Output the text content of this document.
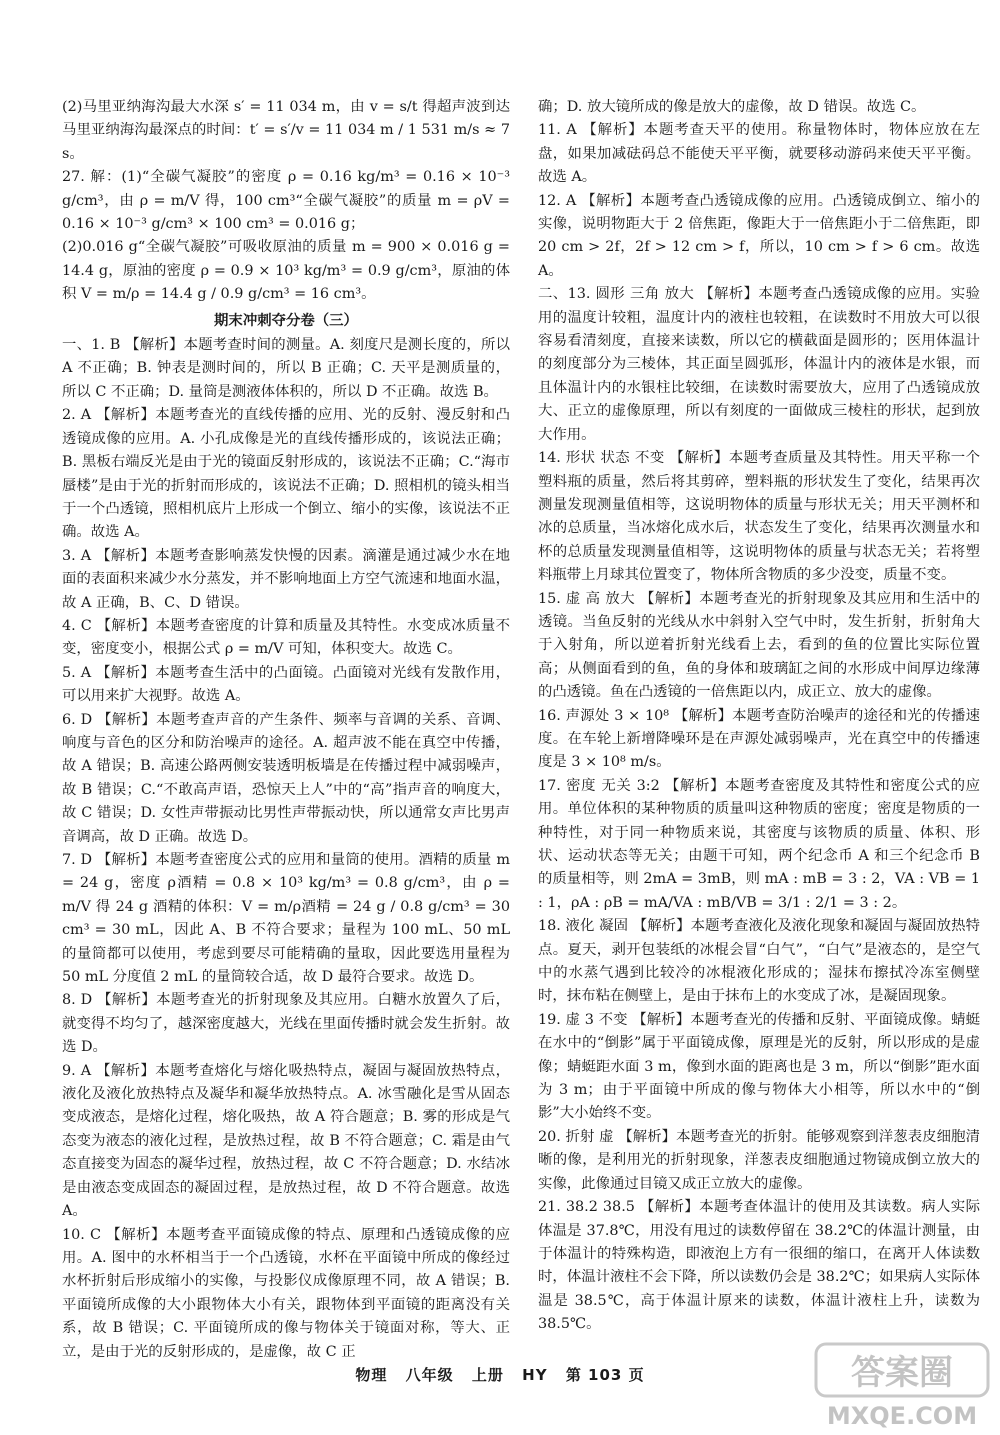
(2)马里亚纳海沟最大水深 s′ = 11 034 m，由 v = s/t 得超声波到达马里亚纳海沟最深点的时间：t′ = s′/v = 11 034 m / 1 531 m/s ≈ 7 s。

27. 解：(1)“全碳气凝胶”的密度 ρ = 0.16 kg/m³ = 0.16 × 10⁻³ g/cm³，由 ρ = m/V 得，100 cm³“全碳气凝胶”的质量 m = ρV = 0.16 × 10⁻³ g/cm³ × 100 cm³ = 0.016 g；

(2)0.016 g“全碳气凝胶”可吸收原油的质量 m = 900 × 0.016 g = 14.4 g，原油的密度 ρ = 0.9 × 10³ kg/m³ = 0.9 g/cm³，原油的体积 V = m/ρ = 14.4 g / 0.9 g/cm³ = 16 cm³。

期末冲刺夺分卷（三）

一、1. B 【解析】本题考查时间的测量。A. 刻度尺是测长度的，所以 A 不正确；B. 钟表是测时间的，所以 B 正确；C. 天平是测质量的，所以 C 不正确；D. 量筒是测液体体积的，所以 D 不正确。故选 B。

2. A 【解析】本题考查光的直线传播的应用、光的反射、漫反射和凸透镜成像的应用。A. 小孔成像是光的直线传播形成的，该说法正确；B. 黑板右端反光是由于光的镜面反射形成的，该说法不正确；C.“海市蜃楼”是由于光的折射而形成的，该说法不正确；D. 照相机的镜头相当于一个凸透镜，照相机底片上形成一个倒立、缩小的实像，该说法不正确。故选 A。

3. A 【解析】本题考查影响蒸发快慢的因素。滴灌是通过减少水在地面的表面积来减少水分蒸发，并不影响地面上方空气流速和地面水温，故 A 正确，B、C、D 错误。

4. C 【解析】本题考查密度的计算和质量及其特性。水变成冰质量不变，密度变小，根据公式 ρ = m/V 可知，体积变大。故选 C。

5. A 【解析】本题考查生活中的凸面镜。凸面镜对光线有发散作用，可以用来扩大视野。故选 A。

6. D 【解析】本题考查声音的产生条件、频率与音调的关系、音调、响度与音色的区分和防治噪声的途径。A. 超声波不能在真空中传播，故 A 错误；B. 高速公路两侧安装透明板墙是在传播过程中减弱噪声，故 B 错误；C.“不敢高声语，恐惊天上人”中的“高”指声音的响度大，故 C 错误；D. 女性声带振动比男性声带振动快，所以通常女声比男声音调高，故 D 正确。故选 D。

7. D 【解析】本题考查密度公式的应用和量筒的使用。酒精的质量 m = 24 g，密度 ρ酒精 = 0.8 × 10³ kg/m³ = 0.8 g/cm³，由 ρ = m/V 得 24 g 酒精的体积：V = m/ρ酒精 = 24 g / 0.8 g/cm³ = 30 cm³ = 30 mL，因此 A、B 不符合要求；量程为 100 mL、50 mL 的量筒都可以使用，考虑到要尽可能精确的量取，因此要选用量程为 50 mL 分度值 2 mL 的量筒较合适，故 D 最符合要求。故选 D。

8. D 【解析】本题考查光的折射现象及其应用。白糖水放置久了后，就变得不均匀了，越深密度越大，光线在里面传播时就会发生折射。故选 D。

9. A 【解析】本题考查熔化与熔化吸热特点，凝固与凝固放热特点，液化及液化放热特点及凝华和凝华放热特点。A. 冰雪融化是雪从固态变成液态，是熔化过程，熔化吸热，故 A 符合题意；B. 雾的形成是气态变为液态的液化过程，是放热过程，故 B 不符合题意；C. 霜是由气态直接变为固态的凝华过程，放热过程，故 C 不符合题意；D. 水结冰是由液态变成固态的凝固过程，是放热过程，故 D 不符合题意。故选 A。

10. C 【解析】本题考查平面镜成像的特点、原理和凸透镜成像的应用。A. 图中的水杯相当于一个凸透镜，水杯在平面镜中所成的像经过水杯折射后形成缩小的实像，与投影仪成像原理不同，故 A 错误；B. 平面镜所成像的大小跟物体大小有关，跟物体到平面镜的距离没有关系，故 B 错误；C. 平面镜所成的像与物体关于镜面对称，等大、正立，是由于光的反射形成的，是虚像，故 C 正

确；D. 放大镜所成的像是放大的虚像，故 D 错误。故选 C。

11. A 【解析】本题考查天平的使用。称量物体时，物体应放在左盘，如果加减砝码总不能使天平平衡，就要移动游码来使天平平衡。故选 A。

12. A 【解析】本题考查凸透镜成像的应用。凸透镜成倒立、缩小的实像，说明物距大于 2 倍焦距，像距大于一倍焦距小于二倍焦距，即 20 cm > 2f，2f > 12 cm > f，所以，10 cm > f > 6 cm。故选 A。

二、13. 圆形 三角 放大 【解析】本题考查凸透镜成像的应用。实验用的温度计较粗，温度计内的液柱也较粗，在读数时不用放大可以很容易看清刻度，直接来读数，所以它的横截面是圆形的；医用体温计的刻度部分为三棱体，其正面呈圆弧形，体温计内的液体是水银，而且体温计内的水银柱比较细，在读数时需要放大，应用了凸透镜成放大、正立的虚像原理，所以有刻度的一面做成三棱柱的形状，起到放大作用。

14. 形状 状态 不变 【解析】本题考查质量及其特性。用天平称一个塑料瓶的质量，然后将其剪碎，塑料瓶的形状发生了变化，结果再次测量发现测量值相等，这说明物体的质量与形状无关；用天平测杯和冰的总质量，当冰熔化成水后，状态发生了变化，结果再次测量水和杯的总质量发现测量值相等，这说明物体的质量与状态无关；若将塑料瓶带上月球其位置变了，物体所含物质的多少没变，质量不变。

15. 虚 高 放大 【解析】本题考查光的折射现象及其应用和生活中的透镜。当鱼反射的光线从水中斜射入空气中时，发生折射，折射角大于入射角，所以逆着折射光线看上去，看到的鱼的位置比实际位置高；从侧面看到的鱼，鱼的身体和玻璃缸之间的水形成中间厚边缘薄的凸透镜。鱼在凸透镜的一倍焦距以内，成正立、放大的虚像。

16. 声源处 3 × 10⁸ 【解析】本题考查防治噪声的途径和光的传播速度。在车轮上新增降噪环是在声源处减弱噪声，光在真空中的传播速度是 3 × 10⁸ m/s。

17. 密度 无关 3:2 【解析】本题考查密度及其特性和密度公式的应用。单位体积的某种物质的质量叫这种物质的密度；密度是物质的一种特性，对于同一种物质来说，其密度与该物质的质量、体积、形状、运动状态等无关；由题干可知，两个纪念币 A 和三个纪念币 B 的质量相等，则 2mA = 3mB，则 mA : mB = 3 : 2，VA : VB = 1 : 1，ρA : ρB = mA/VA : mB/VB = 3/1 : 2/1 = 3 : 2。

18. 液化 凝固 【解析】本题考查液化及液化现象和凝固与凝固放热特点。夏天，剥开包装纸的冰棍会冒“白气”，“白气”是液态的，是空气中的水蒸气遇到比较冷的冰棍液化形成的；湿抹布擦拭冷冻室侧壁时，抹布粘在侧壁上，是由于抹布上的水变成了冰，是凝固现象。

19. 虚 3 不变 【解析】本题考查光的传播和反射、平面镜成像。蜻蜓在水中的“倒影”属于平面镜成像，原理是光的反射，所以形成的是虚像；蜻蜓距水面 3 m，像到水面的距离也是 3 m，所以“倒影”距水面为 3 m；由于平面镜中所成的像与物体大小相等，所以水中的“倒影”大小始终不变。

20. 折射 虚 【解析】本题考查光的折射。能够观察到洋葱表皮细胞清晰的像，是利用光的折射现象，洋葱表皮细胞通过物镜成倒立放大的实像，此像通过目镜又成正立放大的虚像。

21. 38.2 38.5 【解析】本题考查体温计的使用及其读数。病人实际体温是 37.8℃，用没有甩过的读数停留在 38.2℃的体温计测量，由于体温计的特殊构造，即液泡上方有一很细的缩口，在离开人体读数时，体温计液柱不会下降，所以读数仍会是 38.2℃；如果病人实际体温是 38.5℃，高于体温计原来的读数，体温计液柱上升，读数为 38.5℃。

物理 八年级 上册 HY 第 103 页	答案圈
MXQE.COM
